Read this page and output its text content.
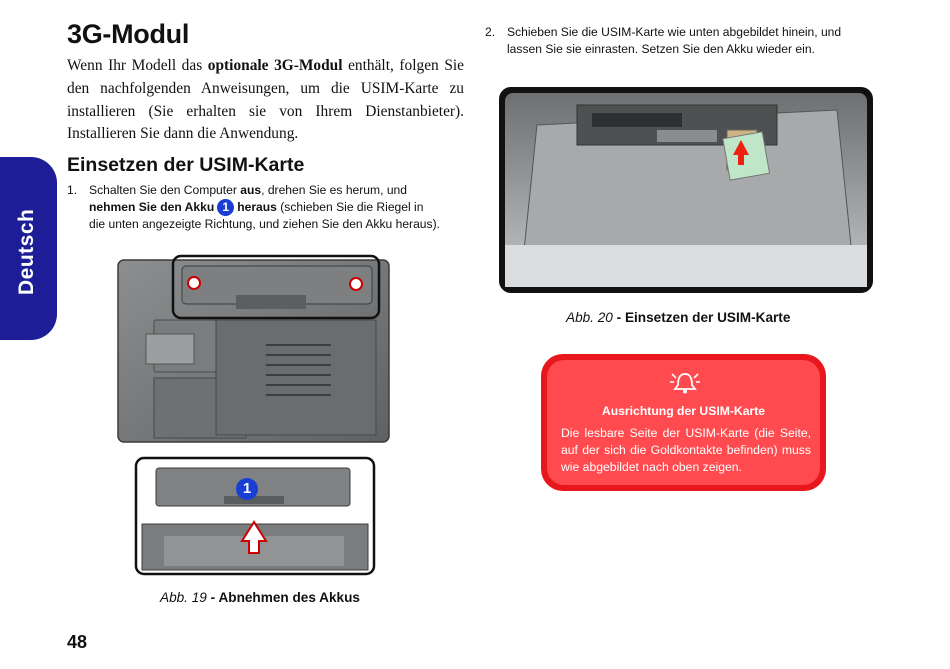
Deutsch
3G-Modul

Wenn Ihr Modell das optionale 3G-Modul enthält, folgen Sie den nachfolgenden Anweisungen, um die USIM-Karte zu installieren (Sie erhalten sie von Ihrem Dienstanbieter). Installieren Sie dann die Anwendung.

Einsetzen der USIM-Karte
1. Schalten Sie den Computer aus, drehen Sie es herum, und
nehmen Sie den Akku 1 heraus (schieben Sie die Riegel in
die unten angezeigte Richtung, und ziehen Sie den Akku heraus).
1
Abb. 19 - Abnehmen des Akkus
2. Schieben Sie die USIM-Karte wie unten abgebildet hinein, und
lassen Sie sie einrasten. Setzen Sie den Akku wieder ein.
Abb. 20 - Einsetzen der USIM-Karte
Ausrichtung der USIM-Karte

Die lesbare Seite der USIM-Karte (die Seite, auf der sich die Goldkontakte befinden) muss wie abgebildet nach oben zeigen.

48
